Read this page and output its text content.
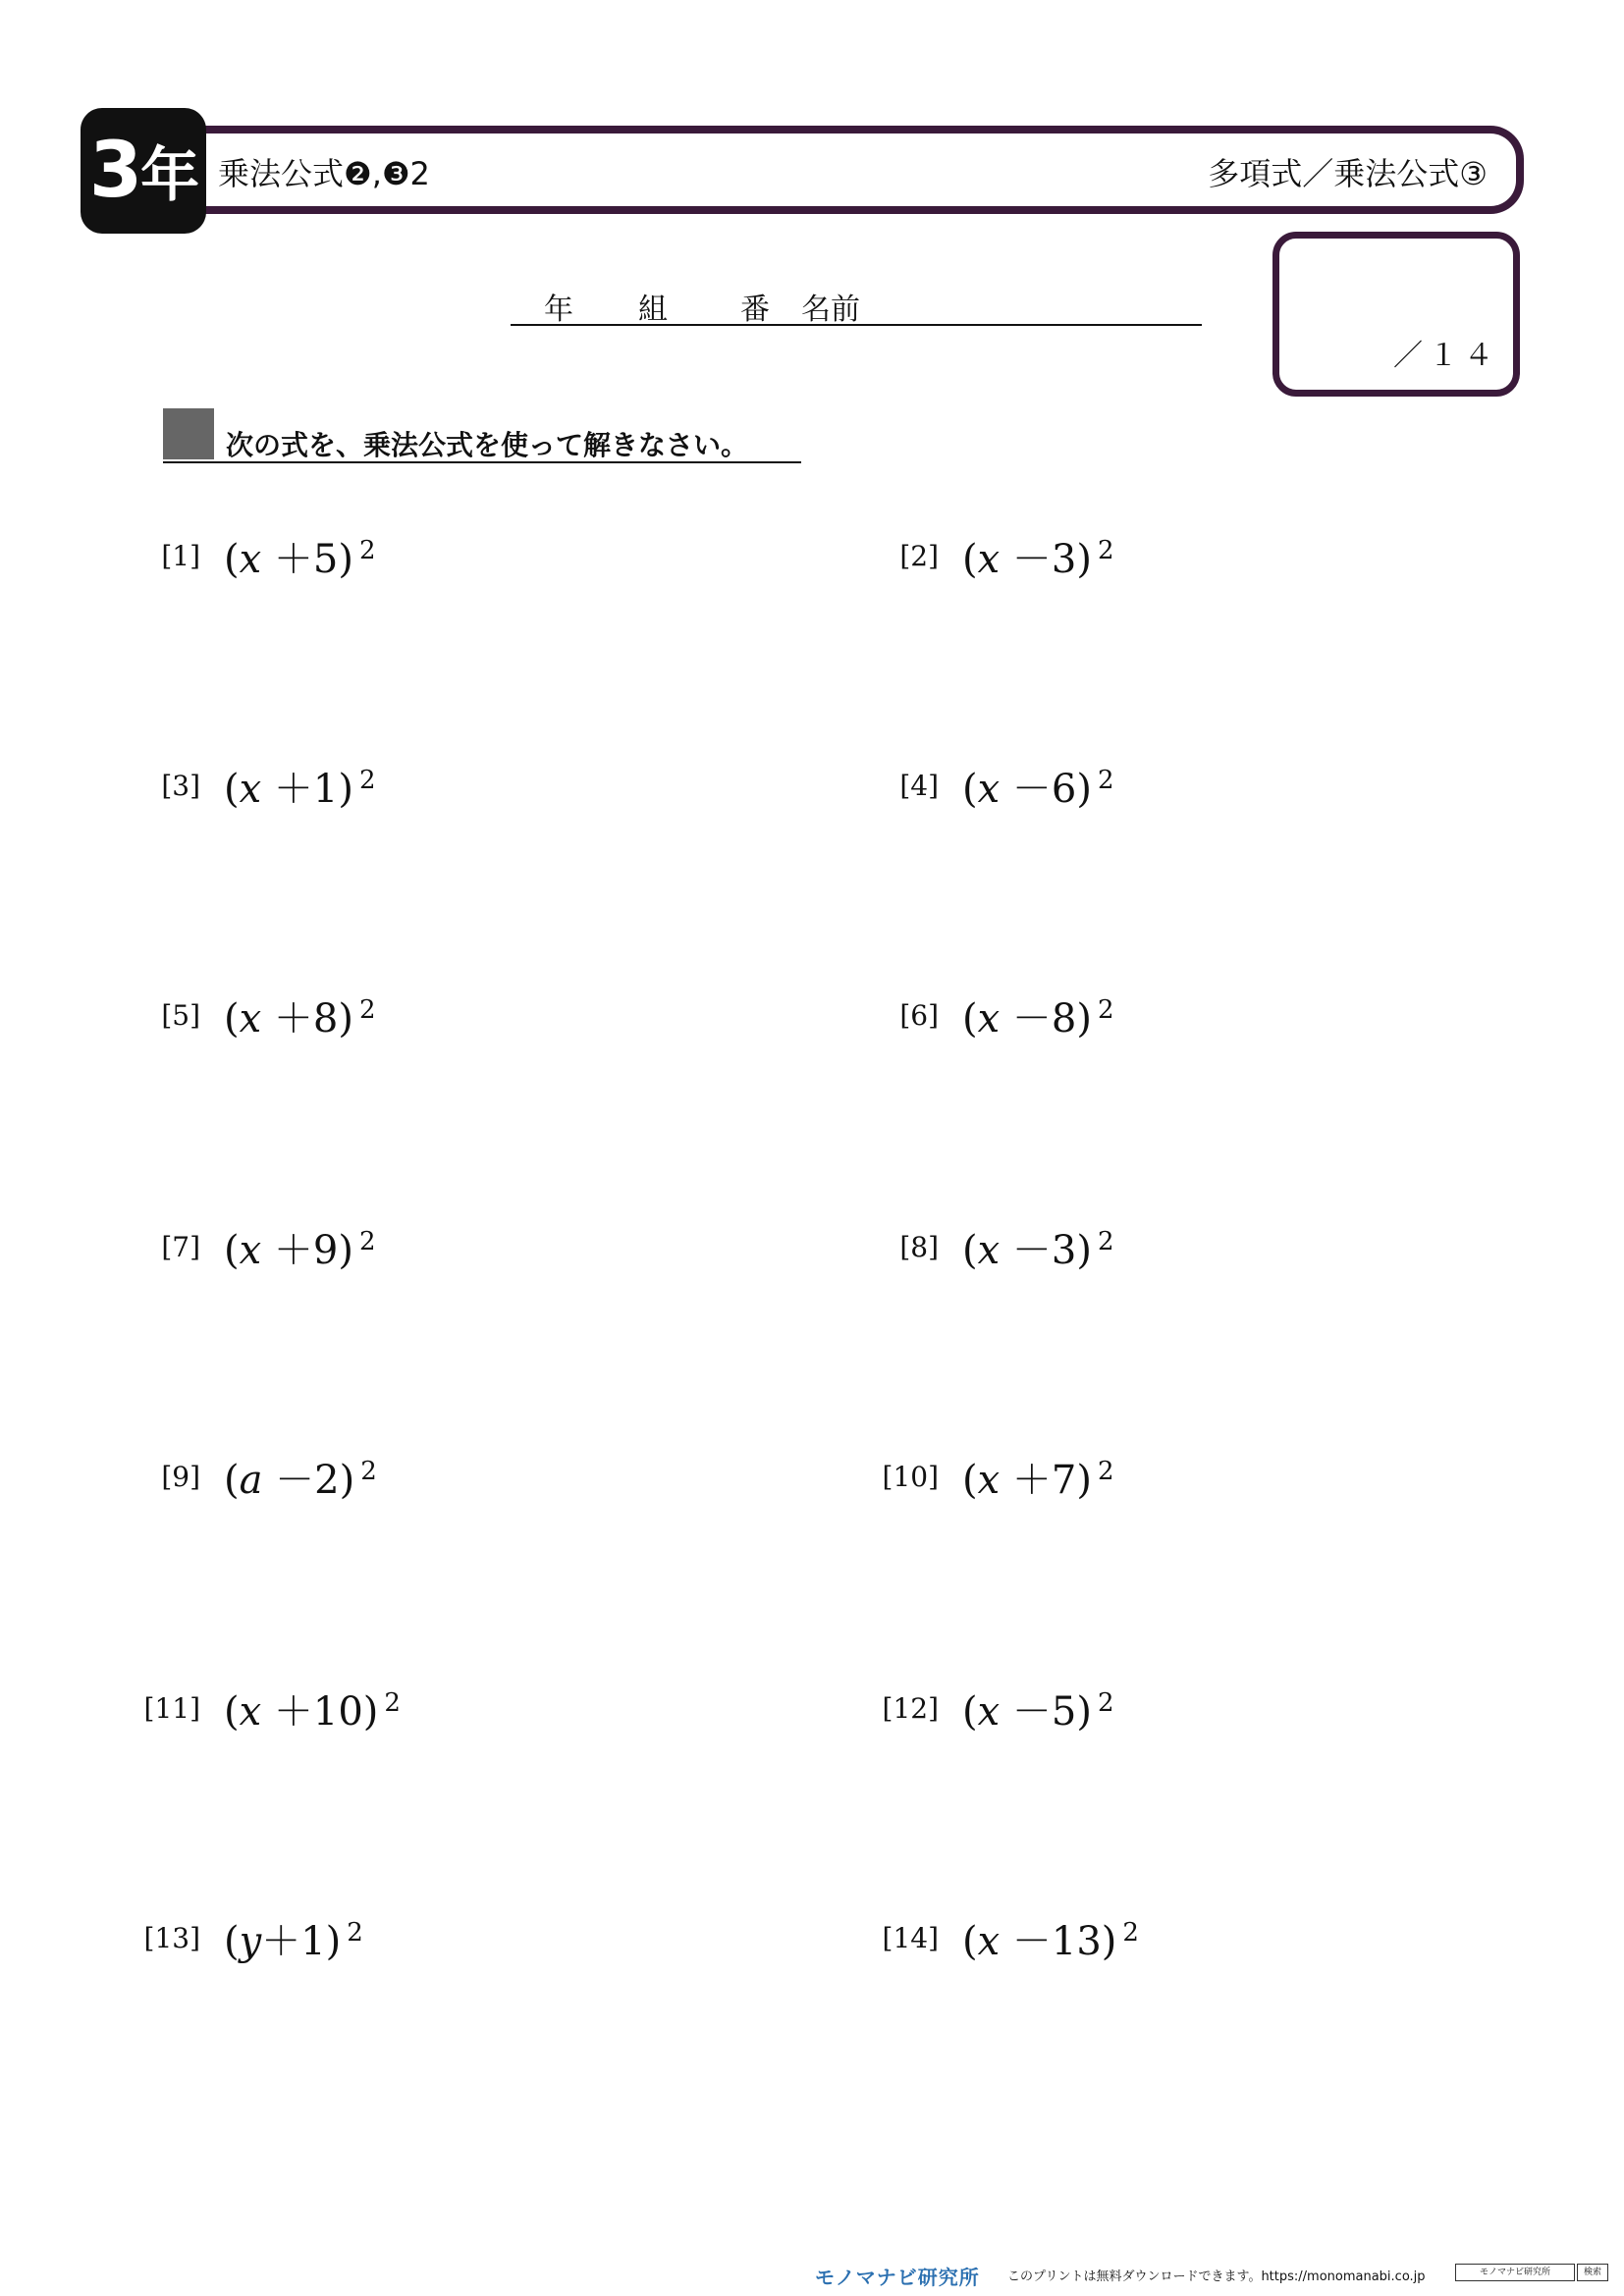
3 年 乗法公式❷,❸2	多項式／乗法公式③
年 組 番 名前
／１４
次の式を、乗法公式を使って解きなさい。
[1] (x ＋5) $^2$	[2] (x －3) $^2$
[3] (x ＋1) $^2$	[4] (x －6) $^2$
[5] (x ＋8) $^2$	[6] (x －8) $^2$
[7] (x ＋9) $^2$	[8] (x －3) $^2$
[9] (a －2) $^2$	[10] (x ＋7) $^2$
[11] (x ＋10) $^2$	[12] (x －5) $^2$
[13] (y＋1) $^2$	[14] (x －13) $^2$
モノマナビ研究所 このプリントは無料ダウンロードできます。https://monomanabi.co.jp	モノマナビ研究所	検索
